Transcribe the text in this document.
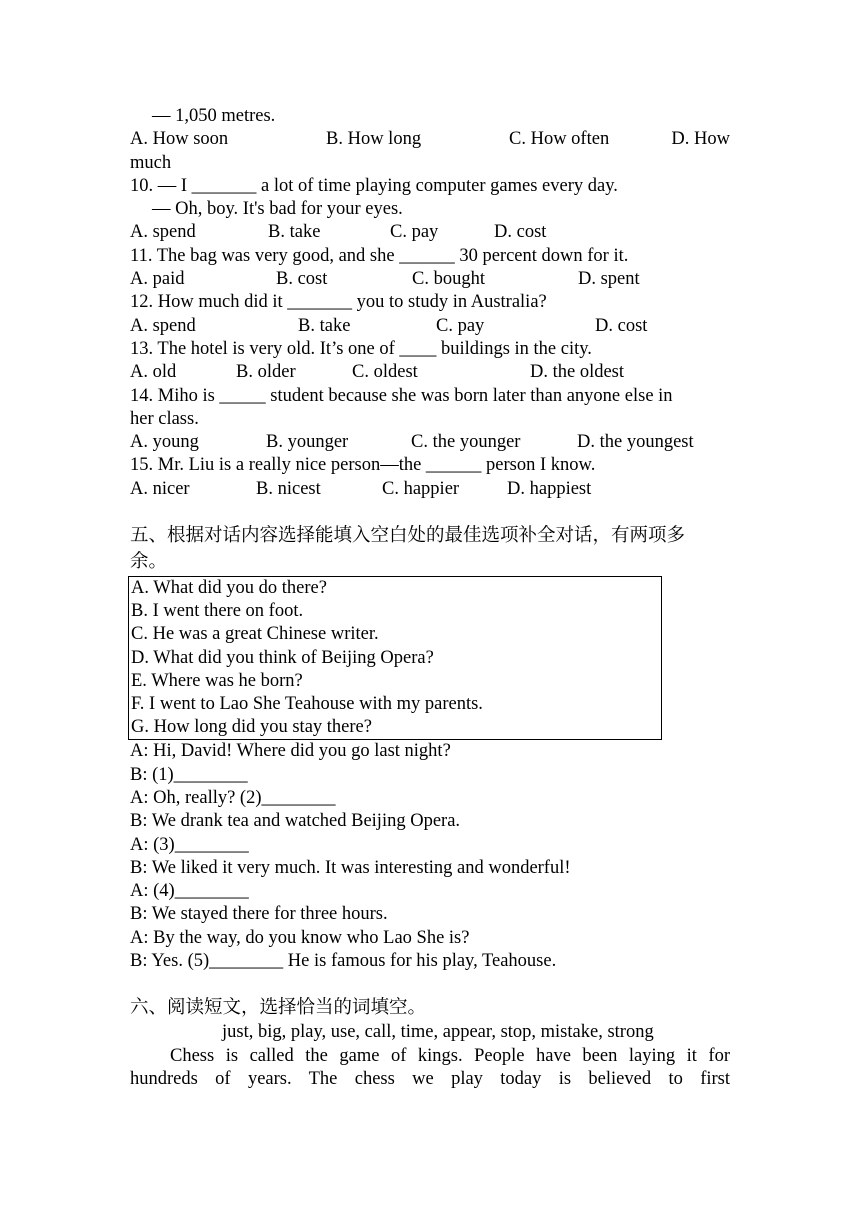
— 1,050 metres.
A. How soon	B. How long	C. How often	D. How
much
10. — I _______ a lot of time playing computer games every day.
— Oh, boy. It's bad for your eyes.
A. spend	B. take	C. pay	D. cost
11. The bag was very good, and she ______ 30 percent down for it.
A. paid	B. cost	C. bought	D. spent
12. How much did it _______ you to study in Australia?
A. spend	B. take	C. pay	D. cost
13. The hotel is very old. It’s one of ____ buildings in the city.
A. old	B. older	C. oldest	D. the oldest
14. Miho is _____ student because she was born later than anyone else in
her class.
A. young	B. younger	C. the younger	D. the youngest
15. Mr. Liu is a really nice person—the ______ person I know.
A. nicer	B. nicest	C. happier	D. happiest
五、根据对话内容选择能填入空白处的最佳选项补全对话，有两项多
余。
A. What did you do there?
B. I went there on foot.
C. He was a great Chinese writer.
D. What did you think of Beijing Opera?
E. Where was he born?
F. I went to Lao She Teahouse with my parents.
G. How long did you stay there?
A: Hi, David! Where did you go last night?
B: (1)________
A: Oh, really? (2)________
B: We drank tea and watched Beijing Opera.
A: (3)________
B: We liked it very much. It was interesting and wonderful!
A: (4)________
B: We stayed there for three hours.
A: By the way, do you know who Lao She is?
B: Yes. (5)________ He is famous for his play, Teahouse.
六、阅读短文，选择恰当的词填空。
just, big, play, use, call, time, appear, stop, mistake, strong
Chess is called the game of kings. People have been laying it for
hundreds of years. The chess we play today is believed to first
